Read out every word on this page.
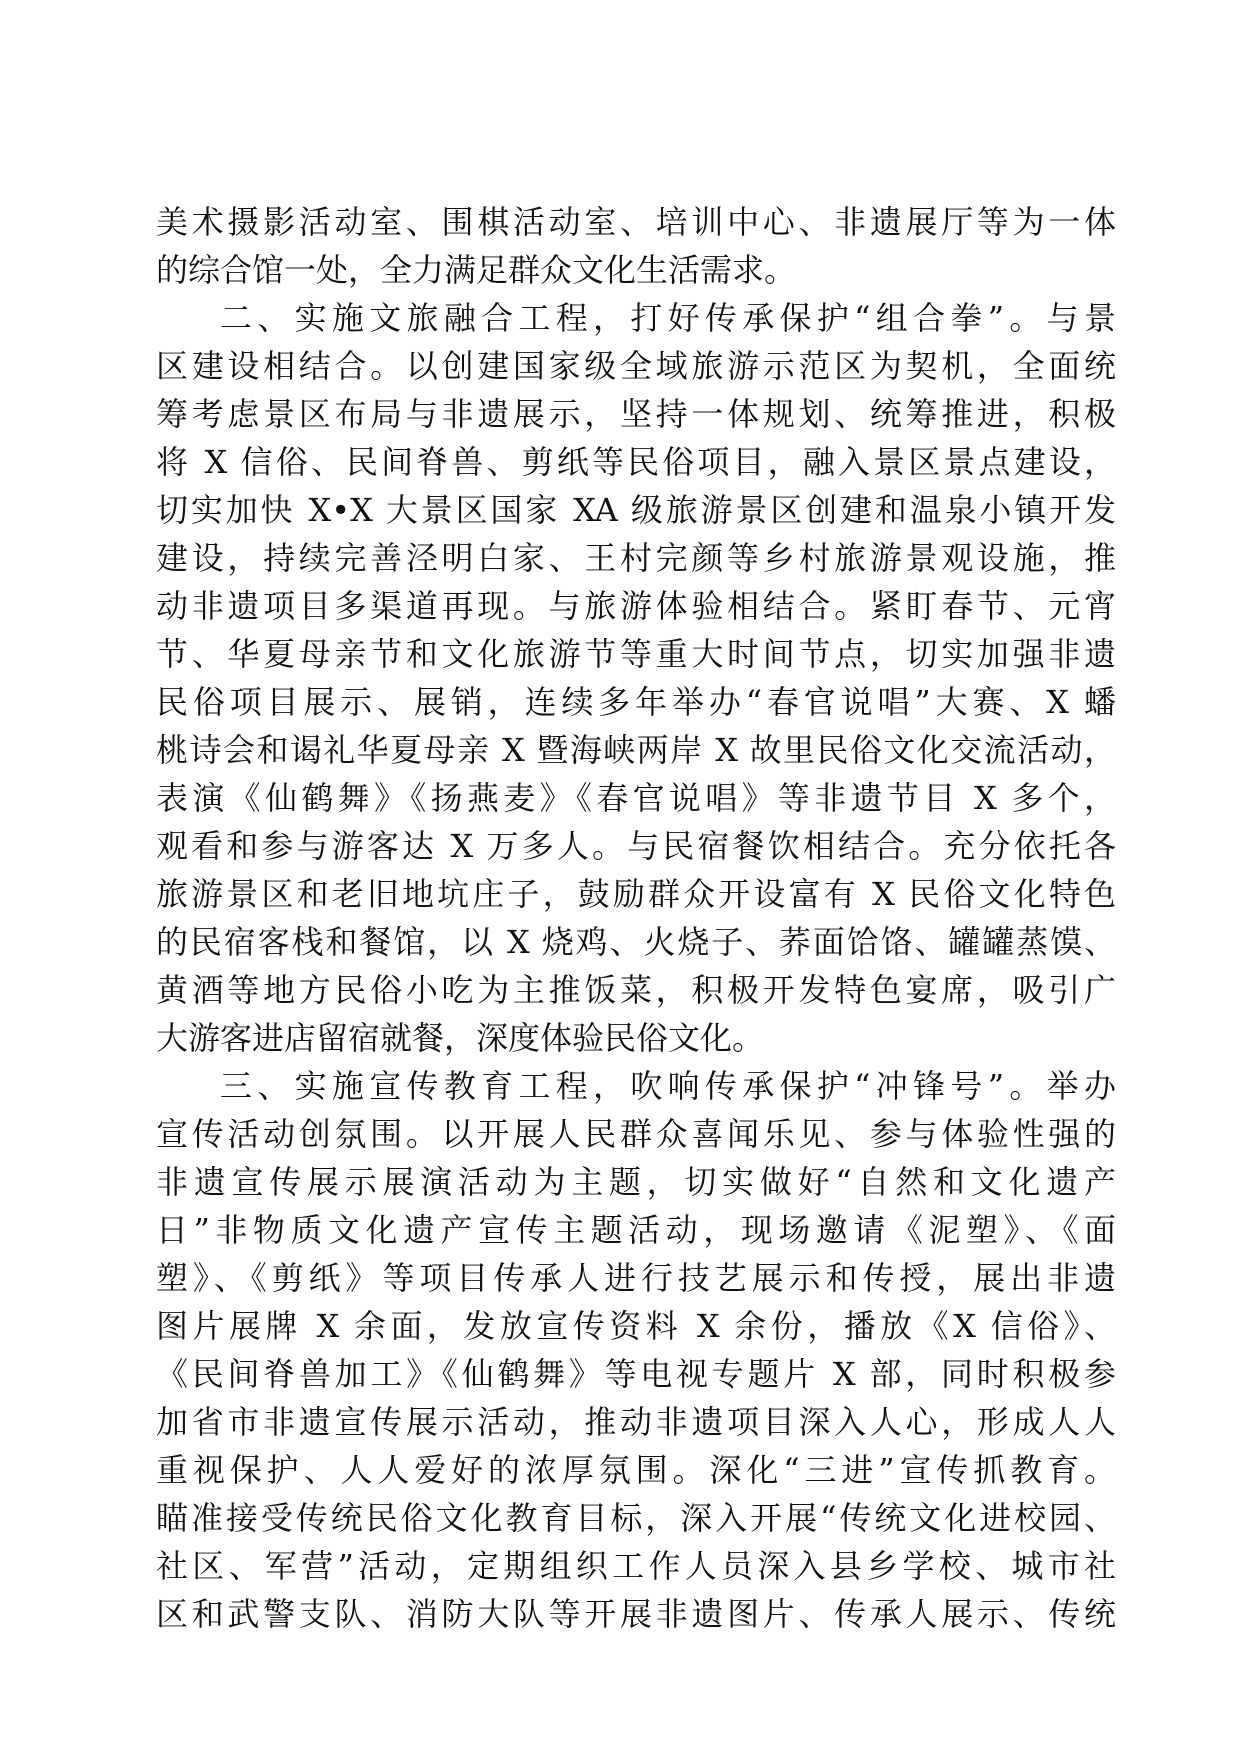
美术摄影活动室、围棋活动室、培训中心、非遗展厅等为一体
的综合馆一处，全力满足群众文化生活需求。
二、实施文旅融合工程，打好传承保护“组合拳”。与景
区建设相结合。以创建国家级全域旅游示范区为契机，全面统
筹考虑景区布局与非遗展示，坚持一体规划、统筹推进，积极
将 X 信俗、民间脊兽、剪纸等民俗项目，融入景区景点建设，
切实加快 X•X 大景区国家 XA 级旅游景区创建和温泉小镇开发
建设，持续完善泾明白家、王村完颜等乡村旅游景观设施，推
动非遗项目多渠道再现。与旅游体验相结合。紧盯春节、元宵
节、华夏母亲节和文化旅游节等重大时间节点，切实加强非遗
民俗项目展示、展销，连续多年举办“春官说唱”大赛、X 蟠
桃诗会和谒礼华夏母亲 X 暨海峡两岸 X 故里民俗文化交流活动，
表演《仙鹤舞》《扬燕麦》《春官说唱》等非遗节目 X 多个，
观看和参与游客达 X 万多人。与民宿餐饮相结合。充分依托各
旅游景区和老旧地坑庄子，鼓励群众开设富有 X 民俗文化特色
的民宿客栈和餐馆，以 X 烧鸡、火烧子、荞面饸饹、罐罐蒸馍、
黄酒等地方民俗小吃为主推饭菜，积极开发特色宴席，吸引广
大游客进店留宿就餐，深度体验民俗文化。
三、实施宣传教育工程，吹响传承保护“冲锋号”。举办
宣传活动创氛围。以开展人民群众喜闻乐见、参与体验性强的
非遗宣传展示展演活动为主题，切实做好“自然和文化遗产
日”非物质文化遗产宣传主题活动，现场邀请《泥塑》、《面
塑》、《剪纸》等项目传承人进行技艺展示和传授，展出非遗
图片展牌 X 余面，发放宣传资料 X 余份，播放《X 信俗》、
《民间脊兽加工》《仙鹤舞》等电视专题片 X 部，同时积极参
加省市非遗宣传展示活动，推动非遗项目深入人心，形成人人
重视保护、人人爱好的浓厚氛围。深化“三进”宣传抓教育。
瞄准接受传统民俗文化教育目标，深入开展“传统文化进校园、
社区、军营”活动，定期组织工作人员深入县乡学校、城市社
区和武警支队、消防大队等开展非遗图片、传承人展示、传统
